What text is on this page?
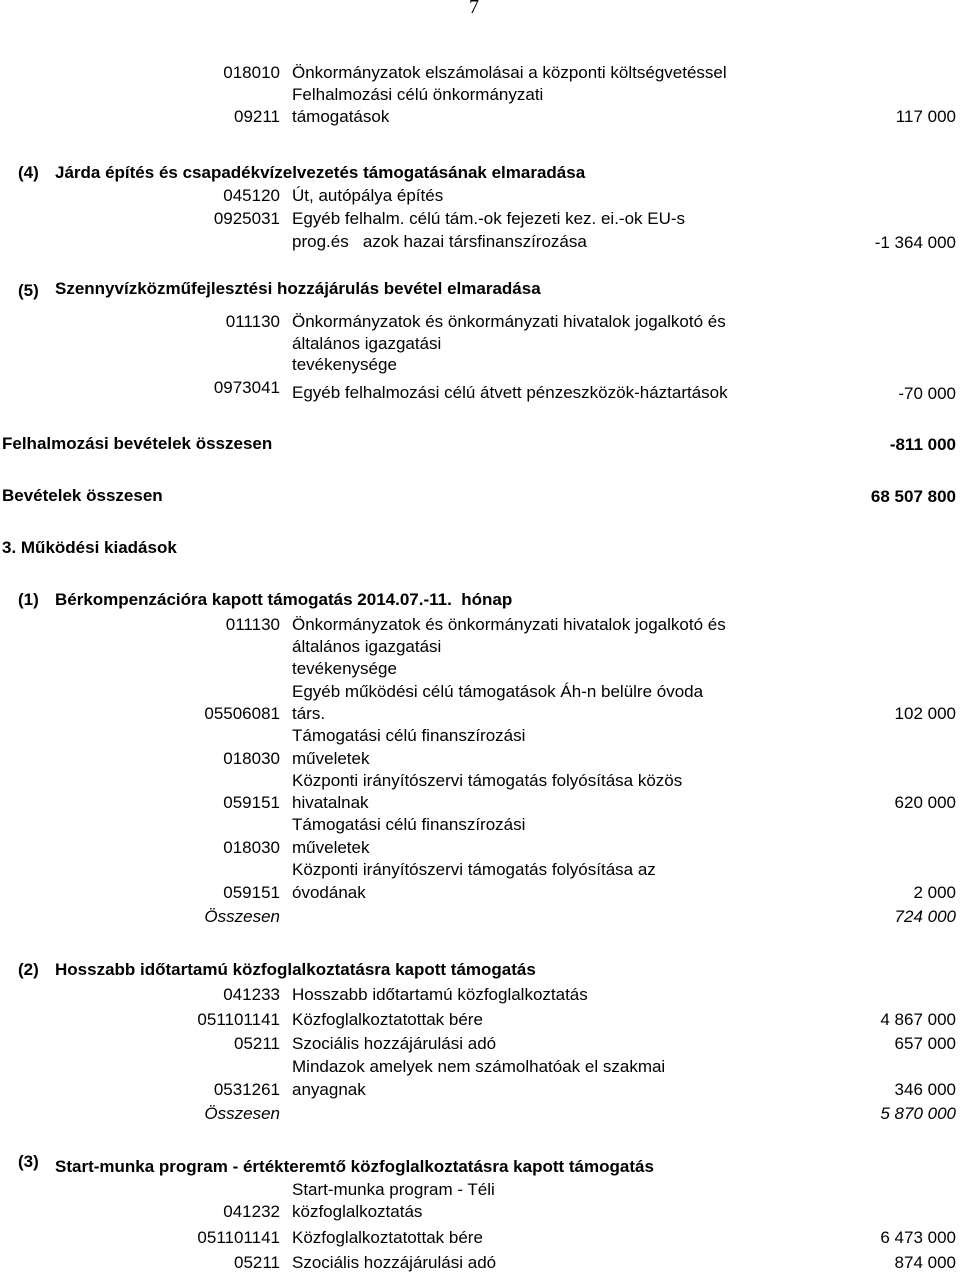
7
018010 Önkormányzatok elszámolásai a központi költségvetéssel
Felhalmozási célú önkormányzati
09211 támogatások	117 000
(4) Járda építés és csapadékvízelvezetés támogatásának elmaradása
045120 Út, autópálya építés
0925031 Egyéb felhalm. célú tám.-ok fejezeti kez. ei.-ok EU-s
prog.és   azok hazai társfinanszírozása	-1 364 000
(5) Szennyvízközműfejlesztési hozzájárulás bevétel elmaradása
011130 Önkormányzatok és önkormányzati hivatalok jogalkotó és
általános igazgatási
tevékenysége
0973041 Egyéb felhalmozási célú átvett pénzeszközök-háztartások	-70 000
Felhalmozási bevételek összesen	-811 000
Bevételek összesen	68 507 800
3. Működési kiadások
(1) Bérkompenzációra kapott támogatás 2014.07.-11.  hónap
011130 Önkormányzatok és önkormányzati hivatalok jogalkotó és
általános igazgatási
tevékenysége
Egyéb működési célú támogatások Áh-n belülre óvoda
05506081 társ.	102 000
Támogatási célú finanszírozási
018030 műveletek
Központi irányítószervi támogatás folyósítása közös
059151 hivatalnak	620 000
Támogatási célú finanszírozási
018030 műveletek
Központi irányítószervi támogatás folyósítása az
059151 óvodának	2 000
Összesen	724 000
(2) Hosszabb időtartamú közfoglalkoztatásra kapott támogatás
041233 Hosszabb időtartamú közfoglalkoztatás
051101141 Közfoglalkoztatottak bére	4 867 000
05211 Szociális hozzájárulási adó	657 000
Mindazok amelyek nem számolhatóak el szakmai
0531261 anyagnak	346 000
Összesen	5 870 000
(3) Start-munka program - értékteremtő közfoglalkoztatásra kapott támogatás
Start-munka program - Téli
041232 közfoglalkoztatás
051101141 Közfoglalkoztatottak bére	6 473 000
05211 Szociális hozzájárulási adó	874 000
